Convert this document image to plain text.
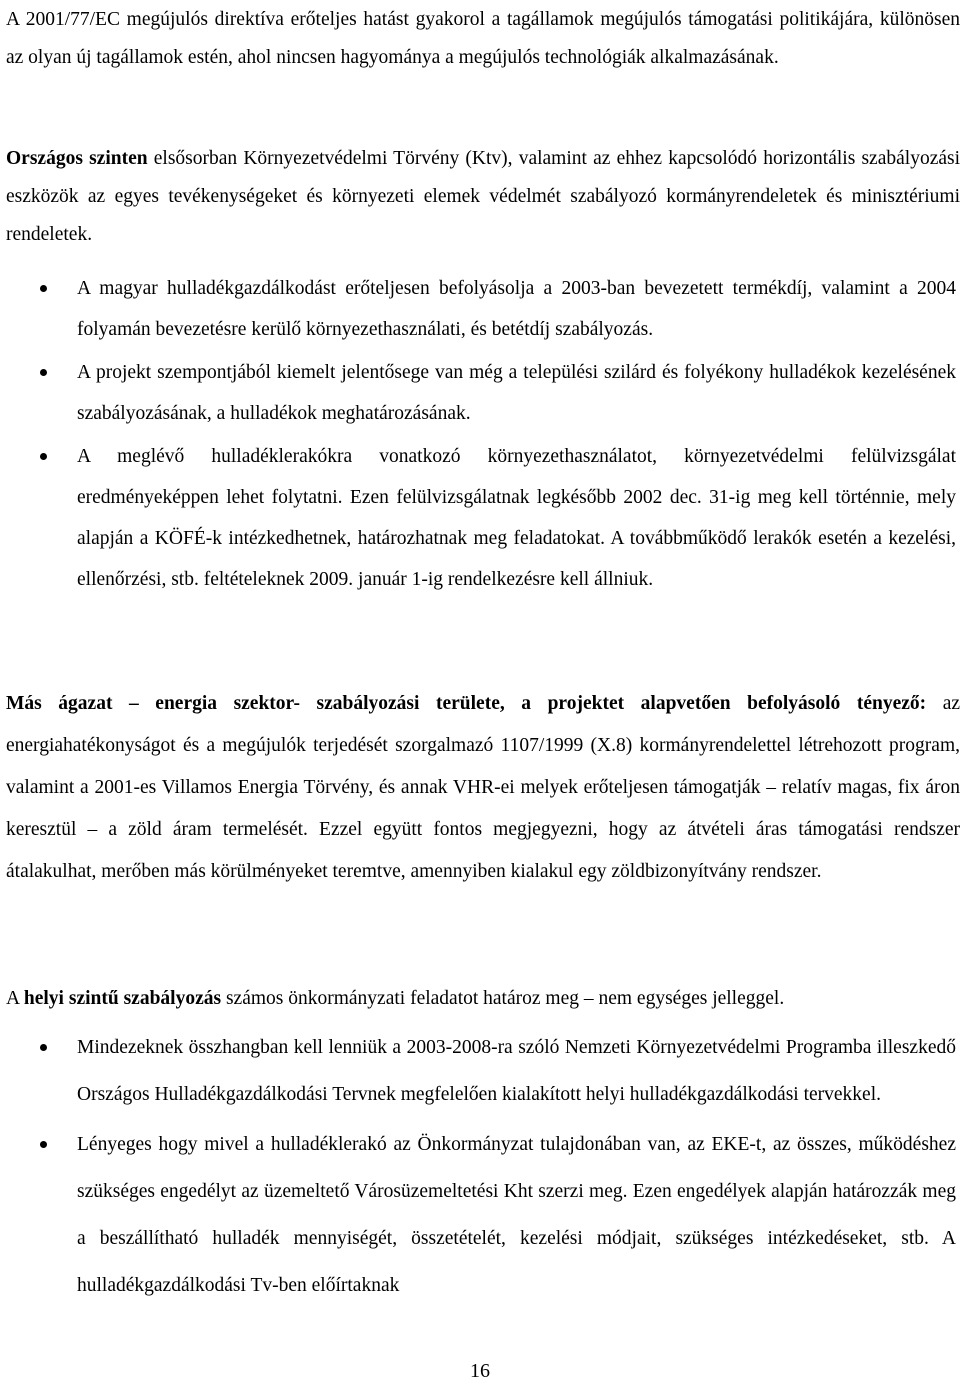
A 2001/77/EC megújulós direktíva erőteljes hatást gyakorol a tagállamok megújulós támogatási politikájára, különösen az olyan új tagállamok estén, ahol nincsen hagyománya a megújulós technológiák alkalmazásának.

Országos szinten elsősorban Környezetvédelmi Törvény (Ktv), valamint az ehhez kapcsolódó horizontális szabályozási eszközök az egyes tevékenységeket és környezeti elemek védelmét szabályozó kormányrendeletek és minisztériumi rendeletek.

A magyar hulladékgazdálkodást erőteljesen befolyásolja a 2003-ban bevezetett termékdíj, valamint a 2004 folyamán bevezetésre kerülő környezethasználati, és betétdíj szabályozás.
A projekt szempontjából kiemelt jelentősege van még a települési szilárd és folyékony hulladékok kezelésének szabályozásának, a hulladékok meghatározásának.
A meglévő hulladéklerakókra vonatkozó környezethasználatot, környezetvédelmi felülvizsgálat eredményeképpen lehet folytatni. Ezen felülvizsgálatnak legkésőbb 2002 dec. 31-ig meg kell történnie, mely alapján a KÖFÉ-k intézkedhetnek, határozhatnak meg feladatokat. A továbbműködő lerakók esetén a kezelési, ellenőrzési, stb. feltételeknek 2009. január 1-ig rendelkezésre kell állniuk.

Más ágazat – energia szektor- szabályozási területe, a projektet alapvetően befolyásoló tényező: az energiahatékonyságot és a megújulók terjedését szorgalmazó 1107/1999 (X.8) kormányrendelettel létrehozott program, valamint a 2001-es Villamos Energia Törvény, és annak VHR-ei melyek erőteljesen támogatják – relatív magas, fix áron keresztül – a zöld áram termelését. Ezzel együtt fontos megjegyezni, hogy az átvételi áras támogatási rendszer átalakulhat, merőben más körülményeket teremtve, amennyiben kialakul egy zöldbizonyítvány rendszer.

A helyi szintű szabályozás számos önkormányzati feladatot határoz meg – nem egységes jelleggel.

Mindezeknek összhangban kell lenniük a 2003-2008-ra szóló Nemzeti Környezetvédelmi Programba illeszkedő Országos Hulladékgazdálkodási Tervnek megfelelően kialakított helyi hulladékgazdálkodási tervekkel.
Lényeges hogy mivel a hulladéklerakó az Önkormányzat tulajdonában van, az EKE-t, az összes, működéshez szükséges engedélyt az üzemeltető Városüzemeltetési Kht szerzi meg. Ezen engedélyek alapján határozzák meg a beszállítható hulladék mennyiségét, összetételét, kezelési módjait, szükséges intézkedéseket, stb. A hulladékgazdálkodási Tv-ben előírtaknak
16
